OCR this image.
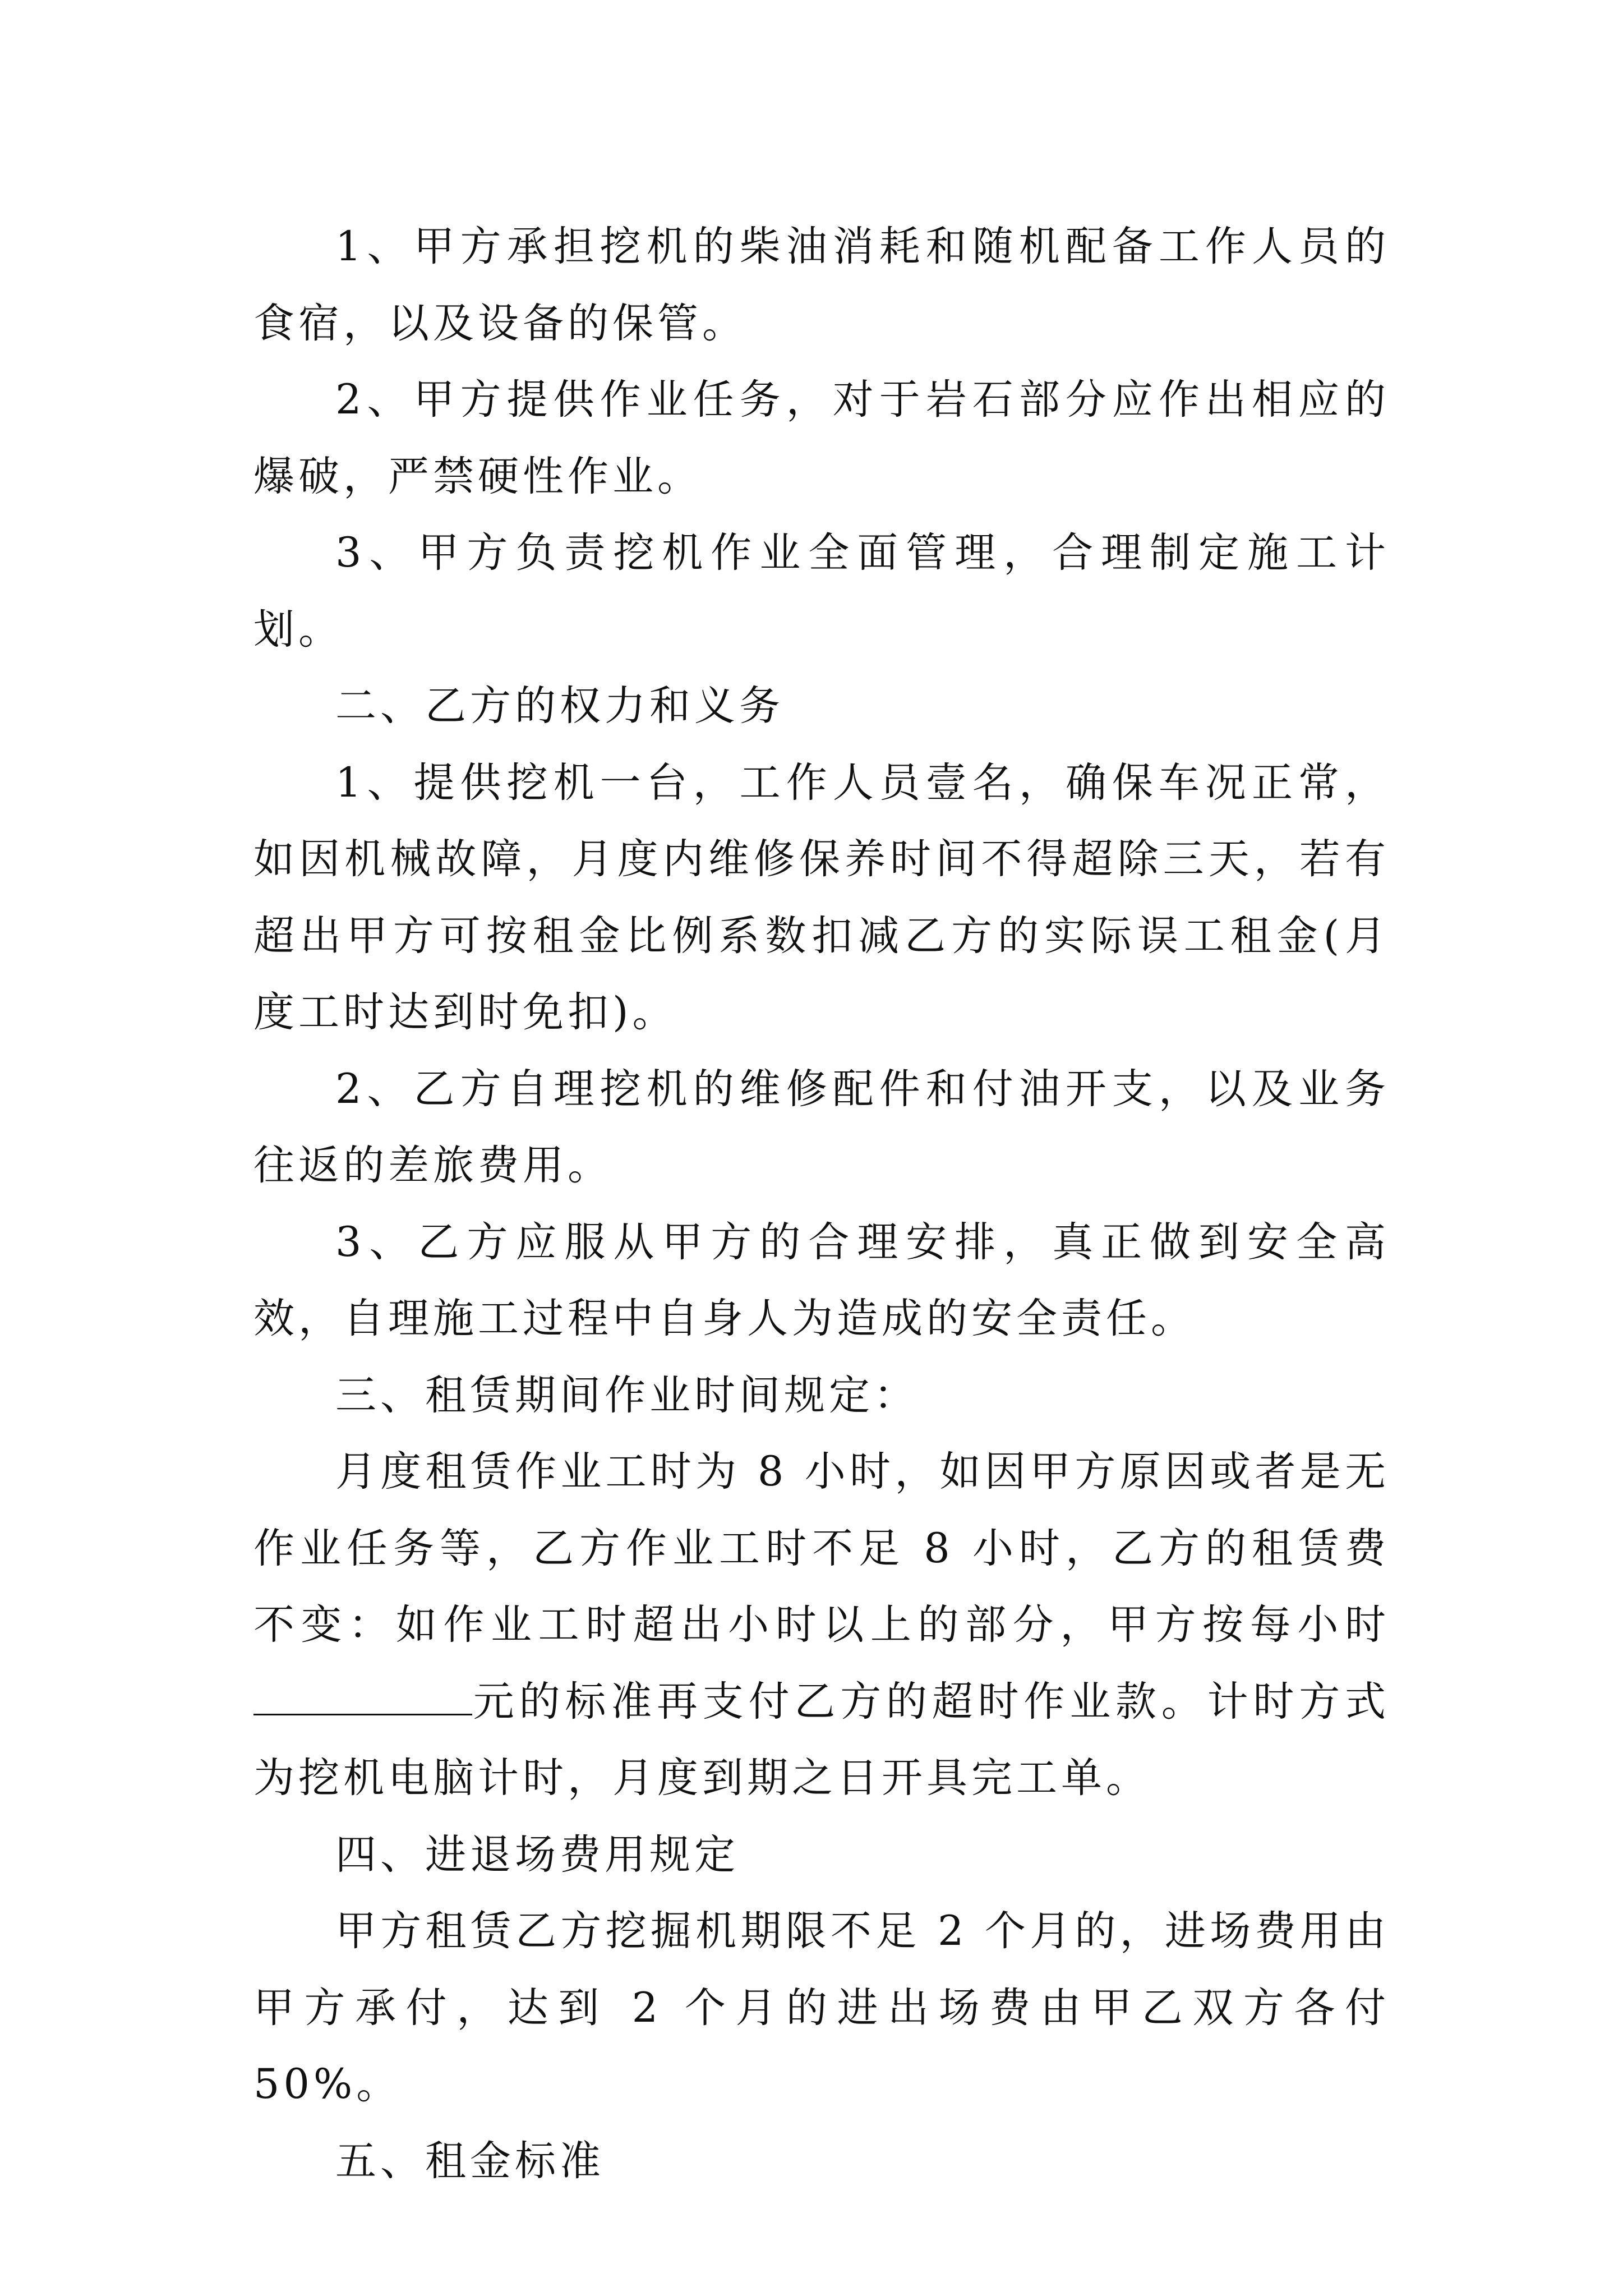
1、甲方承担挖机的柴油消耗和随机配备工作人员的食宿，以及设备的保管。

2、甲方提供作业任务，对于岩石部分应作出相应的爆破，严禁硬性作业。

3、甲方负责挖机作业全面管理，合理制定施工计划。

二、乙方的权力和义务

1、提供挖机一台，工作人员壹名，确保车况正常，如因机械故障，月度内维修保养时间不得超除三天，若有超出甲方可按租金比例系数扣减乙方的实际误工租金(月度工时达到时免扣)。

2、乙方自理挖机的维修配件和付油开支，以及业务往返的差旅费用。

3、乙方应服从甲方的合理安排，真正做到安全高效，自理施工过程中自身人为造成的安全责任。

三、租赁期间作业时间规定：

月度租赁作业工时为 8 小时，如因甲方原因或者是无作业任务等，乙方作业工时不足 8 小时，乙方的租赁费不变：如作业工时超出小时以上的部分，甲方按每小时元的标准再支付乙方的超时作业款。计时方式为挖机电脑计时，月度到期之日开具完工单。

四、进退场费用规定

甲方租赁乙方挖掘机期限不足 2 个月的，进场费用由甲方承付，达到 2 个月的进出场费由甲乙双方各付 50%。

五、租金标准
